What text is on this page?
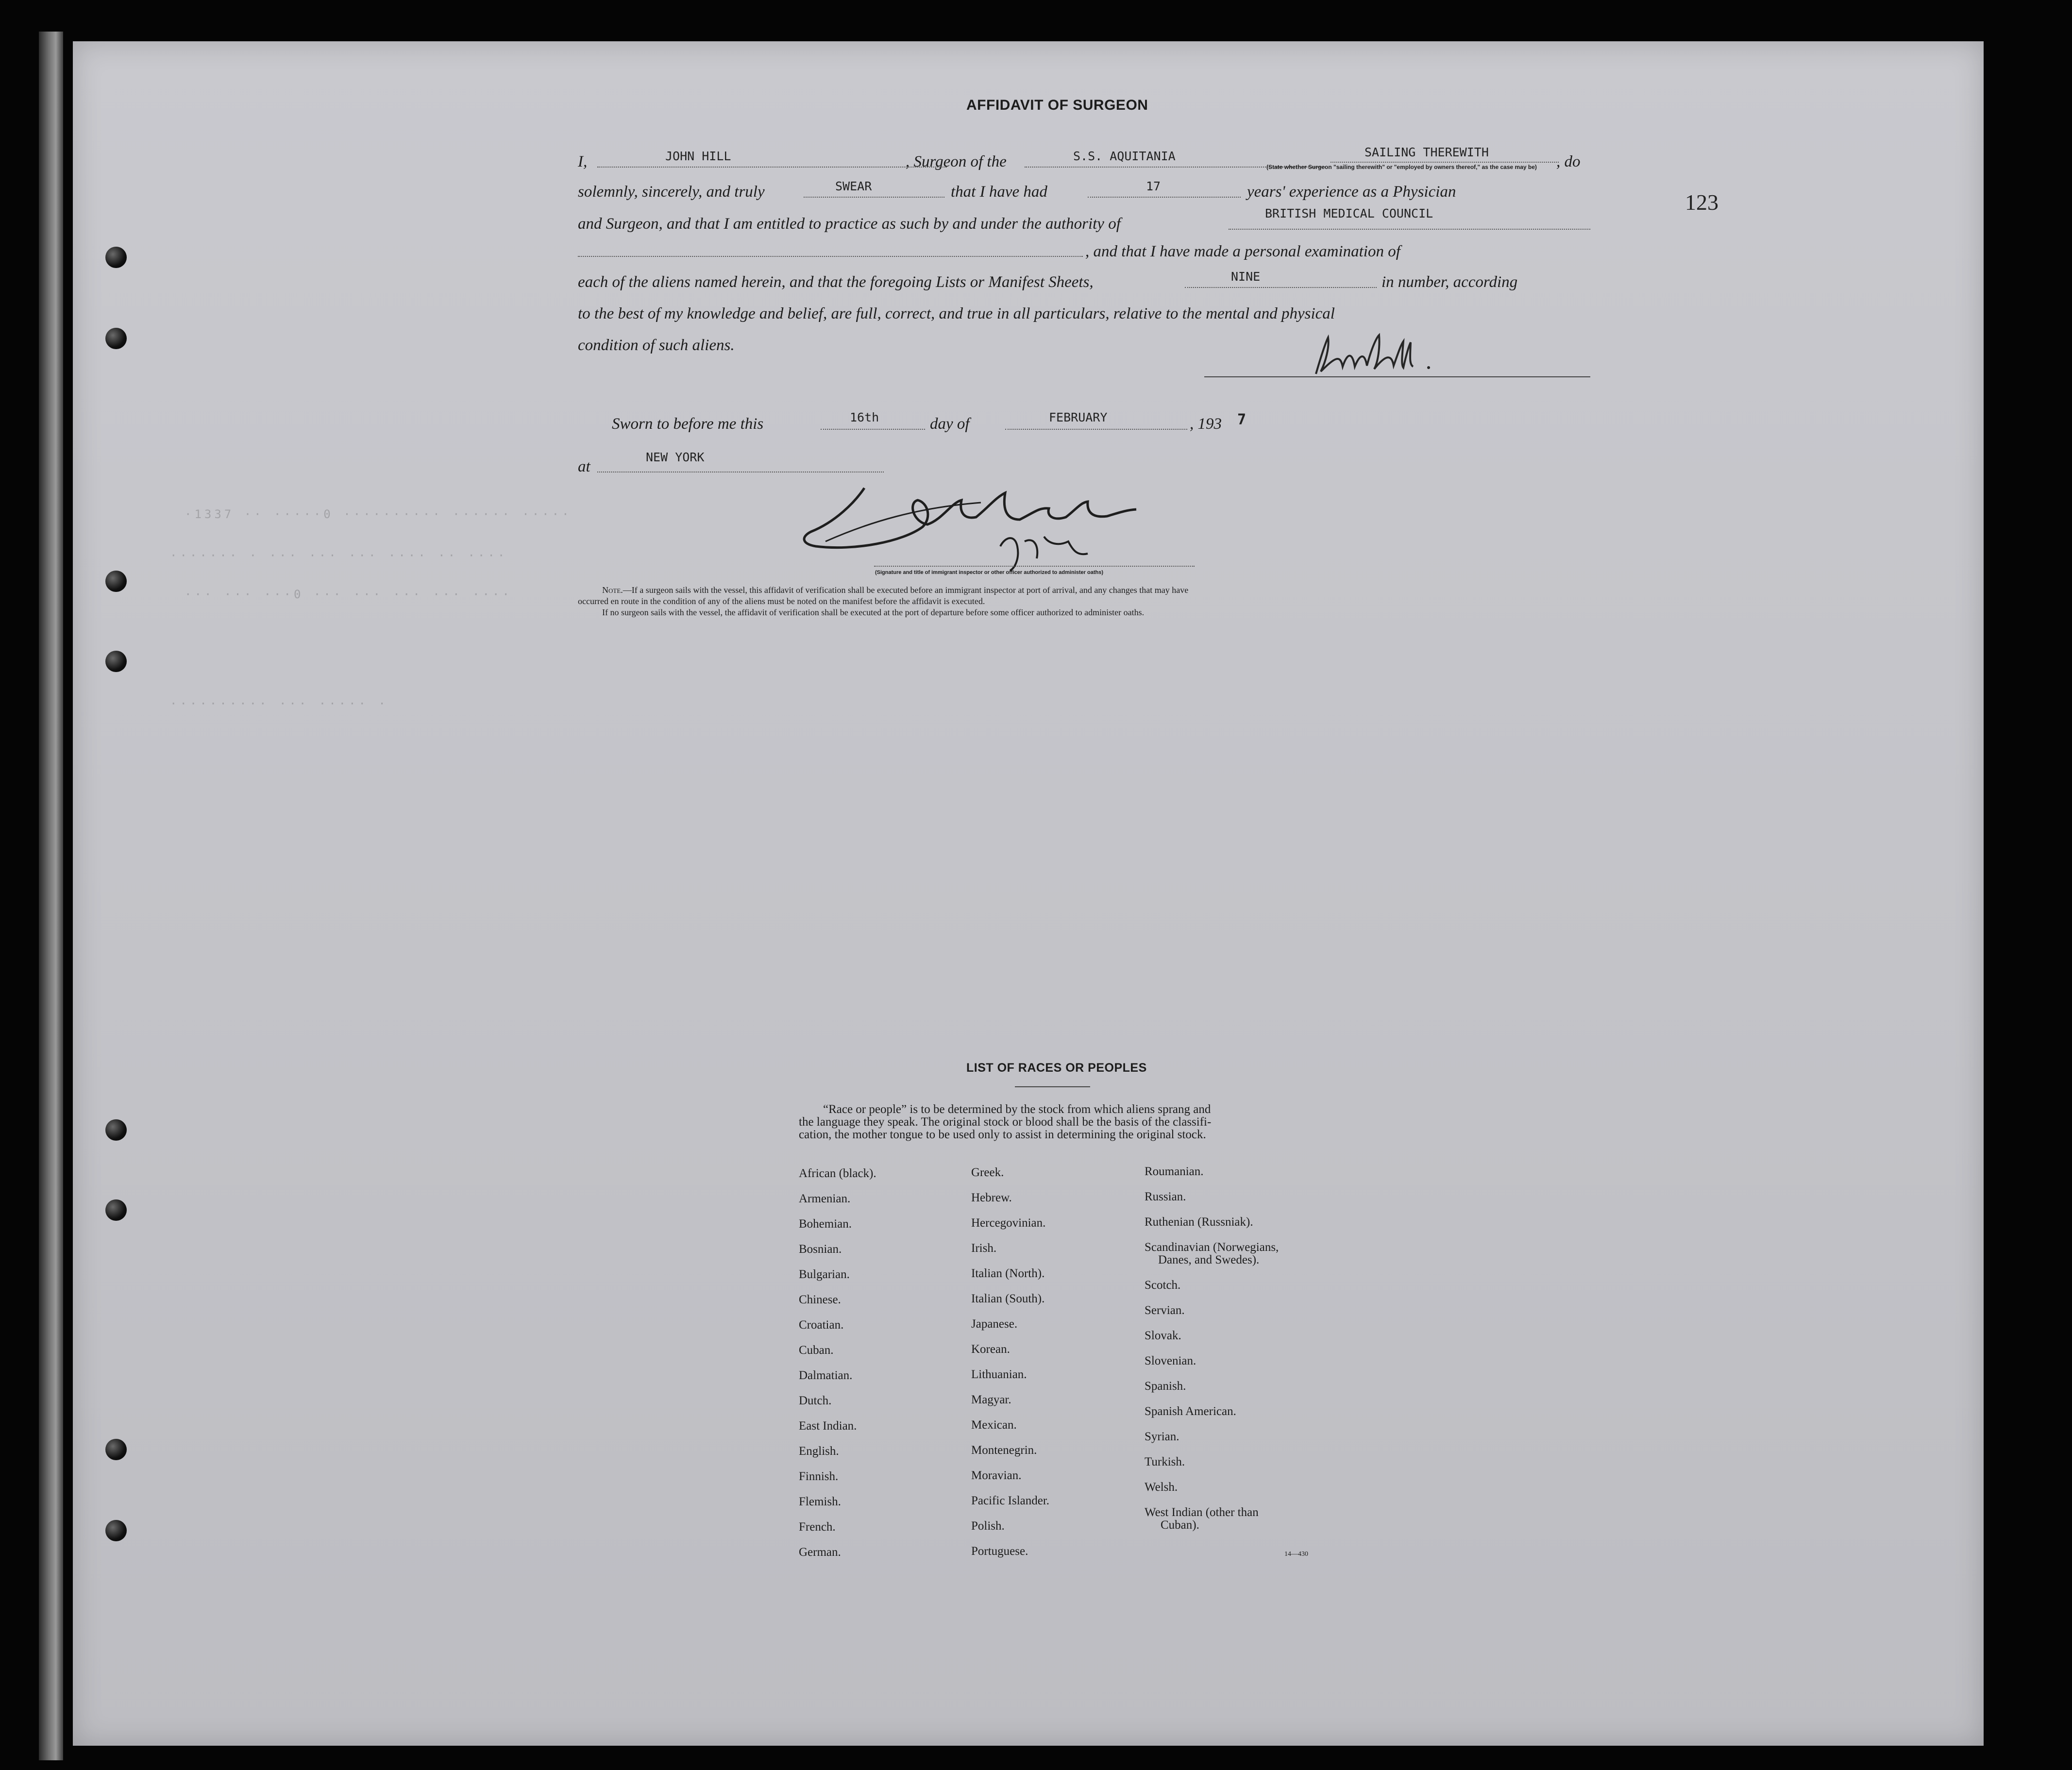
·1337 ·· ·····0 ·········· ······ ·····
······· · ··· ··· ··· ···· ·· ····
··· ··· ···0 ··· ··· ··· ··· ····
·········· ··· ····· ·
AFFIDAVIT OF SURGEON
123
I,	JOHN HILL	, Surgeon of the	S.S. AQUITANIA	SAILING THEREWITH
(State whether Surgeon "sailing therewith" or "employed by owners thereof," as the case may be)	, do
solemnly, sincerely, and truly	SWEAR	that I have had	17	years' experience as a Physician
and Surgeon, and that I am entitled to practice as such by and under the authority of
BRITISH MEDICAL COUNCIL
, and that I have made a personal examination of
each of the aliens named herein, and that the foregoing Lists or Manifest Sheets,	NINE	in number, according
to the best of my knowledge and belief, are full, correct, and true in all particulars, relative to the mental and physical
condition of such aliens.
Sworn to before me this	16th	day of	FEBRUARY	, 193 7
at
NEW YORK
(Signature and title of immigrant inspector or other officer authorized to administer oaths)
Note.—If a surgeon sails with the vessel, this affidavit of verification shall be executed before an immigrant inspector at port of arrival, and any changes that may have
occurred en route in the condition of any of the aliens must be noted on the manifest before the affidavit is executed.
If no surgeon sails with the vessel, the affidavit of verification shall be executed at the port of departure before some officer authorized to administer oaths.
LIST OF RACES OR PEOPLES
“Race or people” is to be determined by the stock from which aliens sprang and
the language they speak. The original stock or blood shall be the basis of the classifi-
cation, the mother tongue to be used only to assist in determining the original stock.
African (black).
Armenian.
Bohemian.
Bosnian.
Bulgarian.
Chinese.
Croatian.
Cuban.
Dalmatian.
Dutch.
East Indian.
English.
Finnish.
Flemish.
French.
German.
Greek.
Hebrew.
Hercegovinian.
Irish.
Italian (North).
Italian (South).
Japanese.
Korean.
Lithuanian.
Magyar.
Mexican.
Montenegrin.
Moravian.
Pacific Islander.
Polish.
Portuguese.
Roumanian.
Russian.
Ruthenian (Russniak).
Scandinavian (Norwegians,
Danes, and Swedes).
Scotch.
Servian.
Slovak.
Slovenian.
Spanish.
Spanish American.
Syrian.
Turkish.
Welsh.
West Indian (other than
Cuban).
14—430
